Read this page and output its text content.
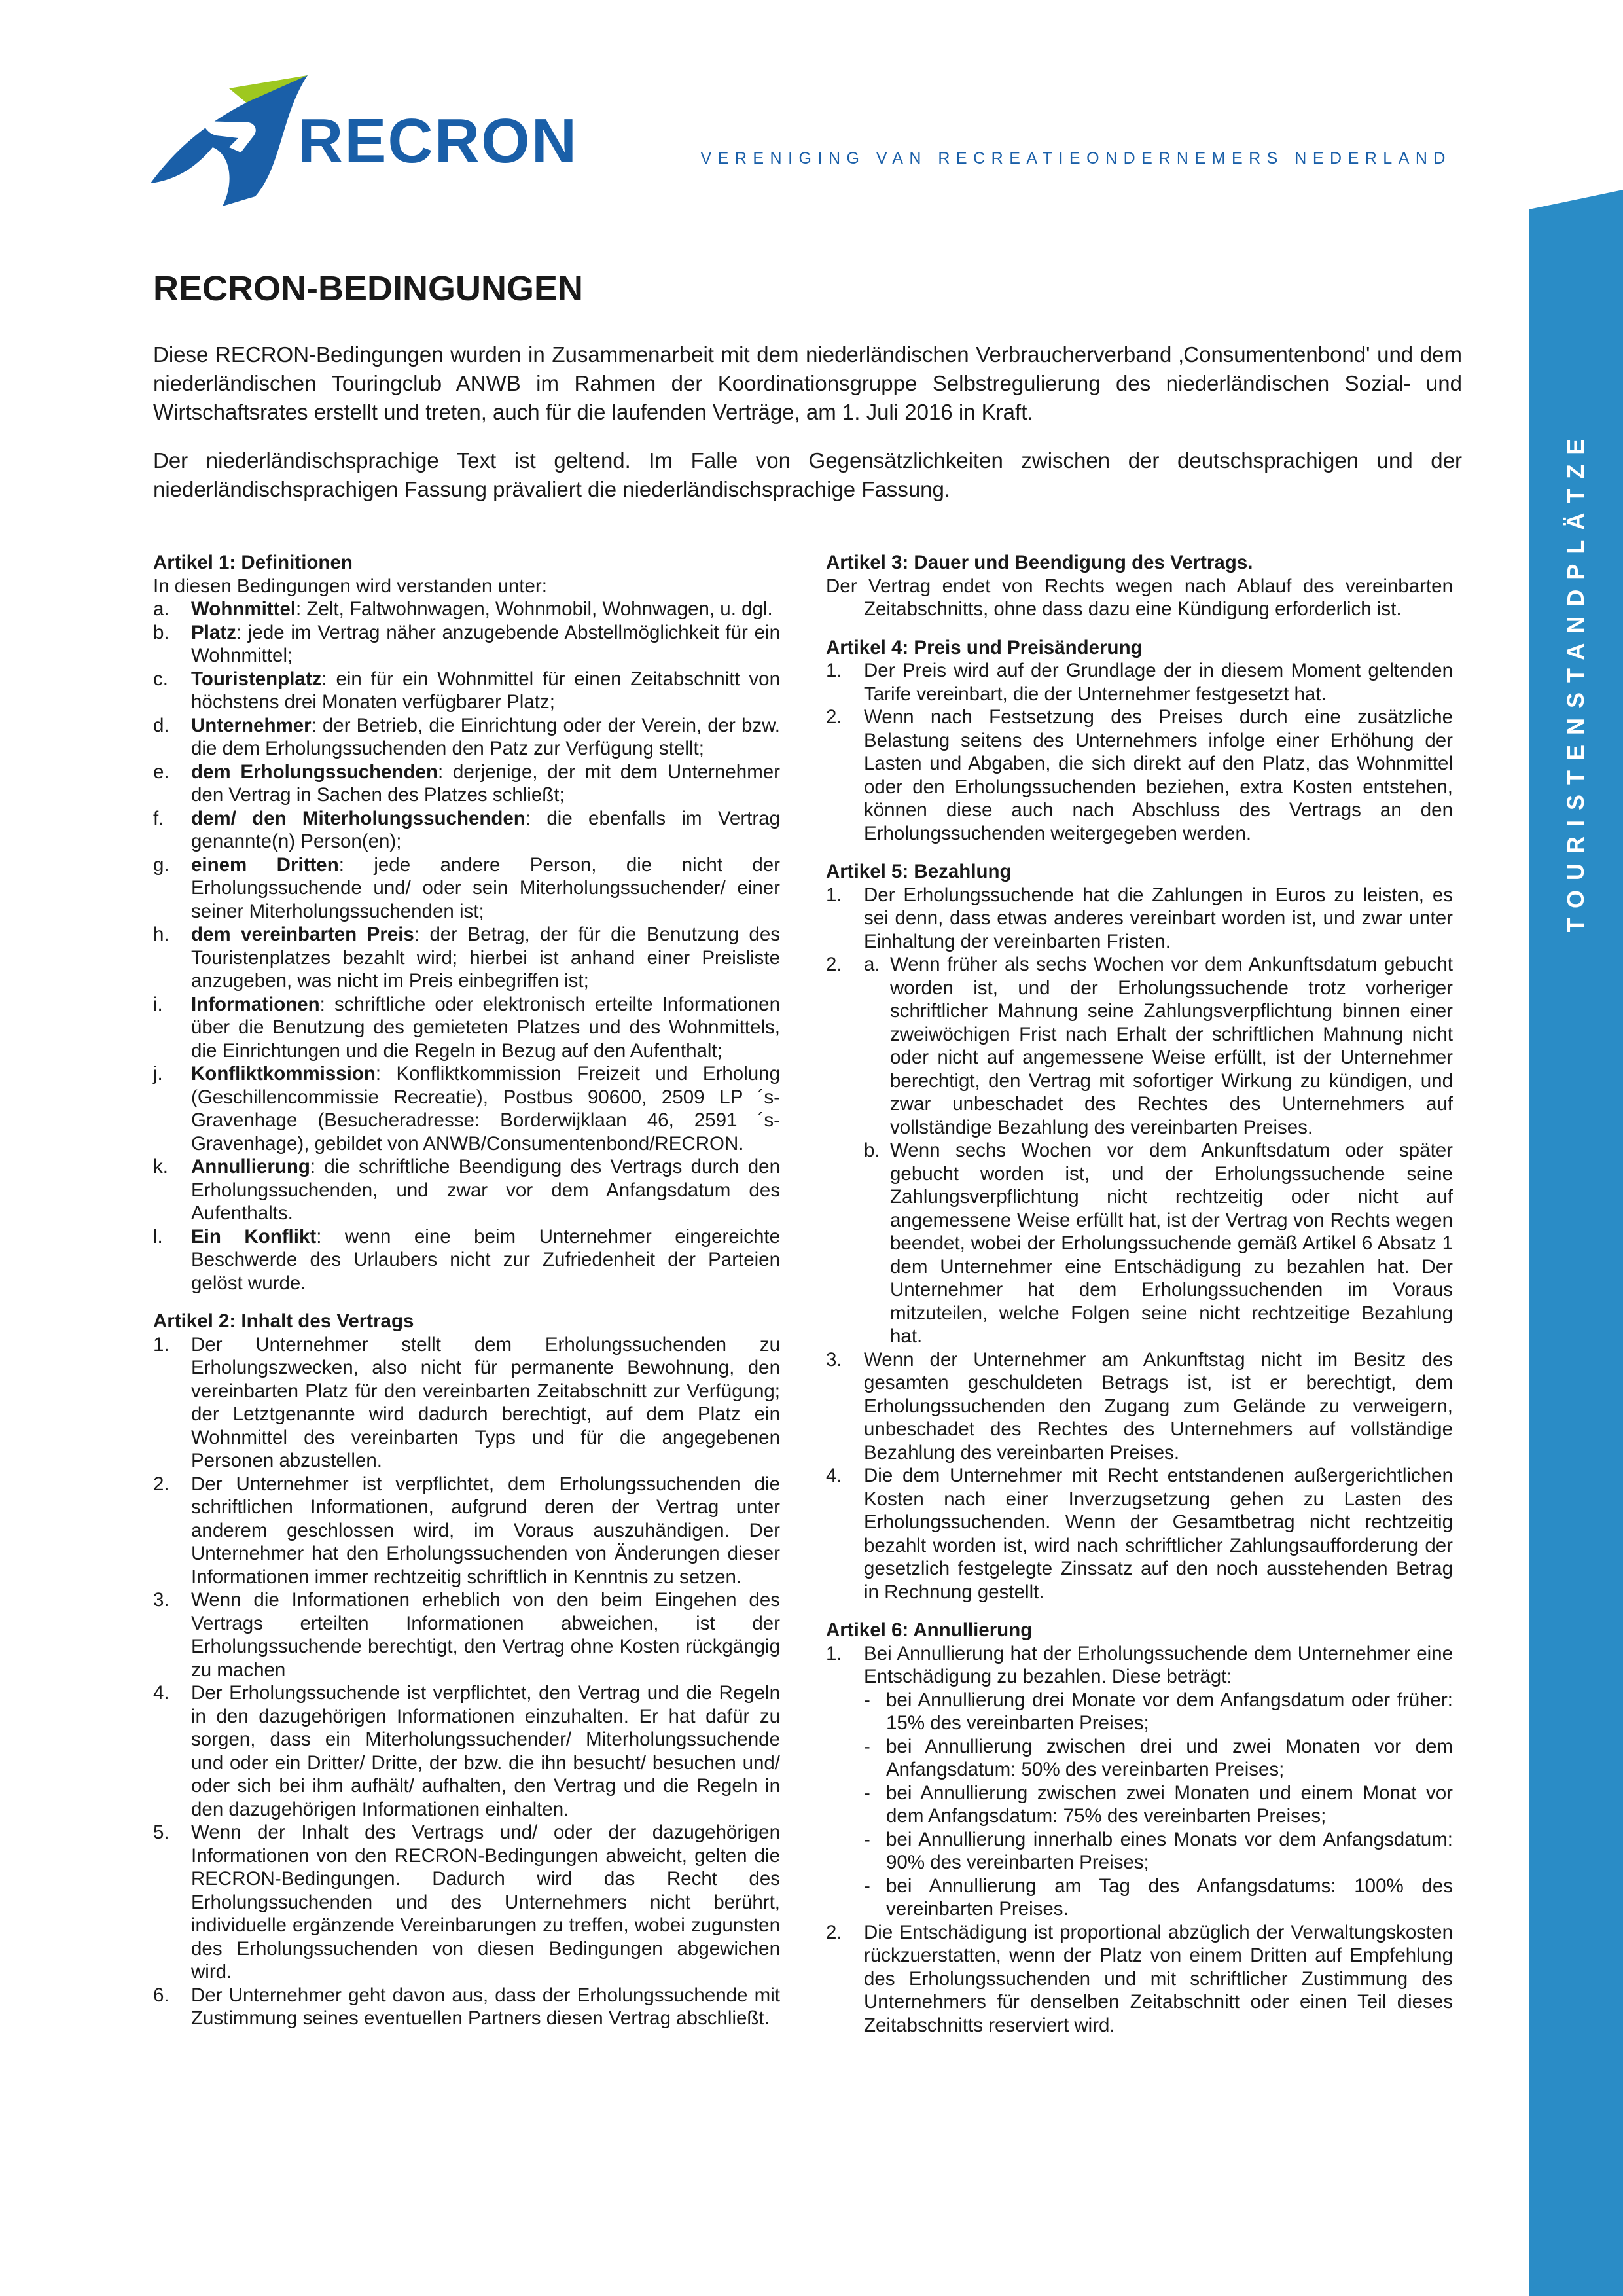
RECRON	VERENIGING VAN RECREATIEONDERNEMERS NEDERLAND
TOURISTENSTANDPLÄTZE
RECRON-BEDINGUNGEN

Diese RECRON-Bedingungen wurden in Zusammenarbeit mit dem niederländischen Verbraucherverband ‚Consumentenbond' und dem niederländischen Touringclub ANWB im Rahmen der Koordinationsgruppe Selbstregulierung des niederländischen Sozial- und Wirtschaftsrates erstellt und treten, auch für die laufenden Verträge, am 1. Juli 2016 in Kraft.

Der niederländischsprachige Text ist geltend. Im Falle von Gegensätzlichkeiten zwischen der deutschsprachigen und der niederländischsprachigen Fassung prävaliert die niederländischsprachige Fassung.

Artikel 1: Definitionen

In diesen Bedingungen wird verstanden unter:

a.	Wohnmittel: Zelt, Faltwohnwagen, Wohnmobil, Wohnwagen, u. dgl.
b.	Platz: jede im Vertrag näher anzugebende Abstellmöglichkeit für ein Wohnmittel;
c.	Touristenplatz: ein für ein Wohnmittel für einen Zeitabschnitt von höchstens drei Monaten verfügbarer Platz;
d.	Unternehmer: der Betrieb, die Einrichtung oder der Verein, der bzw. die dem Erholungssuchenden den Patz zur Verfügung stellt;
e.	dem Erholungssuchenden: derjenige, der mit dem Unternehmer den Vertrag in Sachen des Platzes schließt;
f.	dem/ den Miterholungssuchenden: die ebenfalls im Vertrag genannte(n) Person(en);
g.	einem Dritten: jede andere Person, die nicht der Erholungssuchende und/ oder sein Miterholungssuchender/ einer seiner Miterholungssuchenden ist;
h.	dem vereinbarten Preis: der Betrag, der für die Benutzung des Touristenplatzes bezahlt wird; hierbei ist anhand einer Preisliste anzugeben, was nicht im Preis einbegriffen ist;
i.	Informationen: schriftliche oder elektronisch erteilte Informationen über die Benutzung des gemieteten Platzes und des Wohnmittels, die Einrichtungen und die Regeln in Bezug auf den Aufenthalt;
j.	Konfliktkommission: Konfliktkommission Freizeit und Erholung (Geschillencommissie Recreatie), Postbus 90600, 2509 LP ´s-Gravenhage (Besucheradresse: Borderwijklaan 46, 2591 ´s-Gravenhage), gebildet von ANWB/Consumentenbond/RECRON.
k.	Annullierung: die schriftliche Beendigung des Vertrags durch den Erholungssuchenden, und zwar vor dem Anfangsdatum des Aufenthalts.
l.	Ein Konflikt: wenn eine beim Unternehmer eingereichte Beschwerde des Urlaubers nicht zur Zufriedenheit der Parteien gelöst wurde.
Artikel 2: Inhalt des Vertrags
1.	Der Unternehmer stellt dem Erholungssuchenden zu Erholungszwecken, also nicht für permanente Bewohnung, den vereinbarten Platz für den vereinbarten Zeitabschnitt zur Verfügung; der Letztgenannte wird dadurch berechtigt, auf dem Platz ein Wohnmittel des vereinbarten Typs und für die angegebenen Personen abzustellen.
2.	Der Unternehmer ist verpflichtet, dem Erholungssuchenden die schriftlichen Informationen, aufgrund deren der Vertrag unter anderem geschlossen wird, im Voraus auszuhändigen. Der Unternehmer hat den Erholungssuchenden von Änderungen dieser Informationen immer rechtzeitig schriftlich in Kenntnis zu setzen.
3.	Wenn die Informationen erheblich von den beim Eingehen des Vertrags erteilten Informationen abweichen, ist der Erholungssuchende berechtigt, den Vertrag ohne Kosten rückgängig zu machen
4.	Der Erholungssuchende ist verpflichtet, den Vertrag und die Regeln in den dazugehörigen Informationen einzuhalten. Er hat dafür zu sorgen, dass ein Miterholungssuchender/ Miterholungssuchende und oder ein Dritter/ Dritte, der bzw. die ihn besucht/ besuchen und/ oder sich bei ihm aufhält/ aufhalten, den Vertrag und die Regeln in den dazugehörigen Informationen einhalten.
5.	Wenn der Inhalt des Vertrags und/ oder der dazugehörigen Informationen von den RECRON-Bedingungen abweicht, gelten die RECRON-Bedingungen. Dadurch wird das Recht des Erholungssuchenden und des Unternehmers nicht berührt, individuelle ergänzende Vereinbarungen zu treffen, wobei zugunsten des Erholungssuchenden von diesen Bedingungen abgewichen wird.
6.	Der Unternehmer geht davon aus, dass der Erholungssuchende mit Zustimmung seines eventuellen Partners diesen Vertrag abschließt.
Artikel 3: Dauer und Beendigung des Vertrags.

Der Vertrag endet von Rechts wegen nach Ablauf des vereinbarten Zeitabschnitts, ohne dass dazu eine Kündigung erforderlich ist.

Artikel 4: Preis und Preisänderung
1.	Der Preis wird auf der Grundlage der in diesem Moment geltenden Tarife vereinbart, die der Unternehmer festgesetzt hat.
2.	Wenn nach Festsetzung des Preises durch eine zusätzliche Belastung seitens des Unternehmers infolge einer Erhöhung der Lasten und Abgaben, die sich direkt auf den Platz, das Wohnmittel oder den Erholungssuchenden beziehen, extra Kosten entstehen, können diese auch nach Abschluss des Vertrags an den Erholungssuchenden weitergegeben werden.
Artikel 5: Bezahlung
1.	Der Erholungssuchende hat die Zahlungen in Euros zu leisten, es sei denn, dass etwas anderes vereinbart worden ist, und zwar unter Einhaltung der vereinbarten Fristen.
2.	a. Wenn früher als sechs Wochen vor dem Ankunftsdatum gebucht worden ist, und der Erholungssuchende trotz vorheriger schriftlicher Mahnung seine Zahlungsverpflichtung binnen einer zweiwöchigen Frist nach Erhalt der schriftlichen Mahnung nicht oder nicht auf angemessene Weise erfüllt, ist der Unternehmer berechtigt, den Vertrag mit sofortiger Wirkung zu kündigen, und zwar unbeschadet des Rechtes des Unternehmers auf vollständige Bezahlung des vereinbarten Preises.
b. Wenn sechs Wochen vor dem Ankunftsdatum oder später gebucht worden ist, und der Erholungssuchende seine Zahlungsverpflichtung nicht rechtzeitig oder nicht auf angemessene Weise erfüllt hat, ist der Vertrag von Rechts wegen beendet, wobei der Erholungssuchende gemäß Artikel 6 Absatz 1 dem Unternehmer eine Entschädigung zu bezahlen hat. Der Unternehmer hat dem Erholungssuchenden im Voraus mitzuteilen, welche Folgen seine nicht rechtzeitige Bezahlung hat.
3.	Wenn der Unternehmer am Ankunftstag nicht im Besitz des gesamten geschuldeten Betrags ist, ist er berechtigt, dem Erholungssuchenden den Zugang zum Gelände zu verweigern, unbeschadet des Rechtes des Unternehmers auf vollständige Bezahlung des vereinbarten Preises.
4.	Die dem Unternehmer mit Recht entstandenen außergerichtlichen Kosten nach einer Inverzugsetzung gehen zu Lasten des Erholungssuchenden. Wenn der Gesamtbetrag nicht rechtzeitig bezahlt worden ist, wird nach schriftlicher Zahlungsaufforderung der gesetzlich festgelegte Zinssatz auf den noch ausstehenden Betrag in Rechnung gestellt.
Artikel 6: Annullierung
1.	Bei Annullierung hat der Erholungssuchende dem Unternehmer eine Entschädigung zu bezahlen. Diese beträgt:
- bei Annullierung drei Monate vor dem Anfangsdatum oder früher: 15% des vereinbarten Preises;
- bei Annullierung zwischen drei und zwei Monaten vor dem Anfangsdatum: 50% des vereinbarten Preises;
- bei Annullierung zwischen zwei Monaten und einem Monat vor dem Anfangsdatum: 75% des vereinbarten Preises;
- bei Annullierung innerhalb eines Monats vor dem Anfangsdatum: 90% des vereinbarten Preises;
- bei Annullierung am Tag des Anfangsdatums: 100% des vereinbarten Preises.
2.	Die Entschädigung ist proportional abzüglich der Verwaltungskosten rückzuerstatten, wenn der Platz von einem Dritten auf Empfehlung des Erholungssuchenden und mit schriftlicher Zustimmung des Unternehmers für denselben Zeitabschnitt oder einen Teil dieses Zeitabschnitts reserviert wird.
